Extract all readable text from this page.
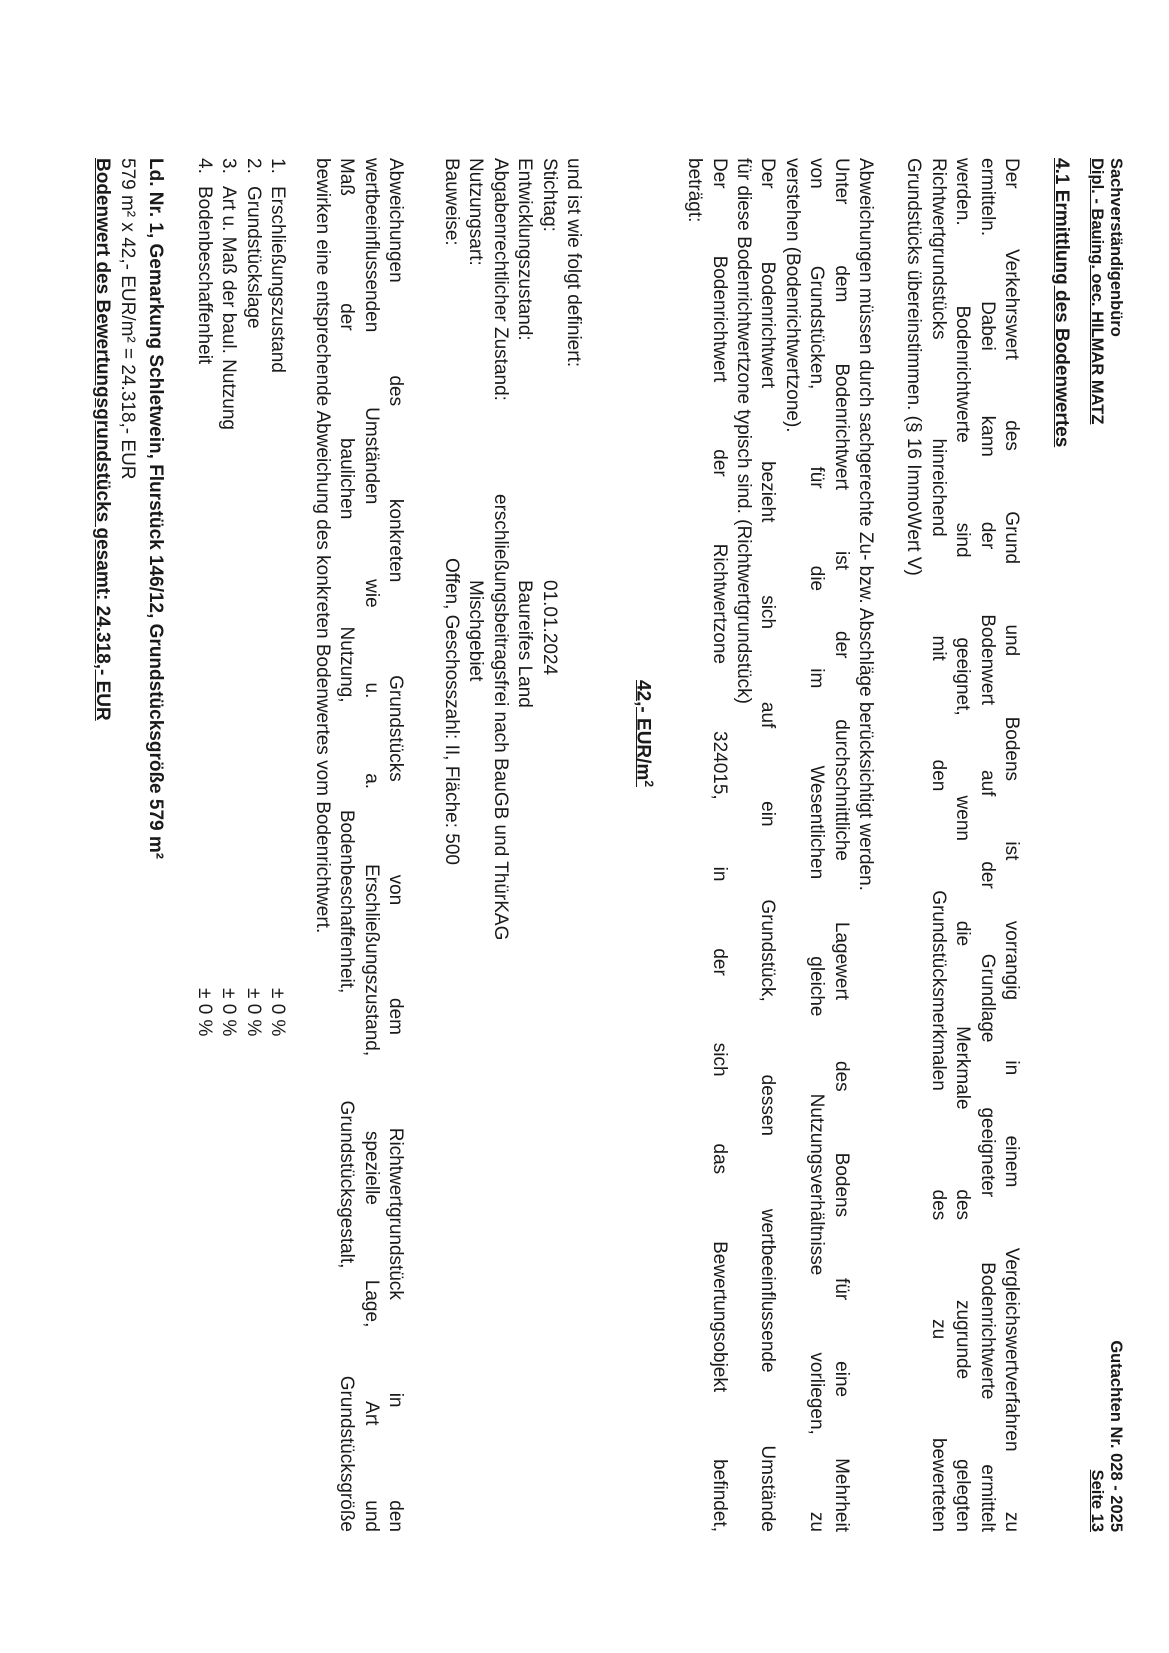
Sachverständigenbüro
Dipl. - Bauing. oec. HILMAR MATZ
Gutachten Nr. 028 - 2025
Seite 13
4.1 Ermittlung des Bodenwertes
Der Verkehrswert des Grund und Bodens ist vorrangig in einem Vergleichswertverfahren zu
ermitteln. Dabei kann der Bodenwert auf der Grundlage geeigneter Bodenrichtwerte ermittelt
werden. Bodenrichtwerte sind geeignet, wenn die Merkmale des zugrunde gelegten
Richtwertgrundstücks hinreichend mit den Grundstücksmerkmalen des zu bewerteten
Grundstücks übereinstimmen. (§ 16 ImmoWert V)
Abweichungen müssen durch sachgerechte Zu- bzw. Abschläge berücksichtigt werden.
Unter dem Bodenrichtwert ist der durchschnittliche Lagewert des Bodens für eine Mehrheit
von Grundstücken, für die im Wesentlichen gleiche Nutzungsverhältnisse vorliegen, zu
verstehen (Bodenrichtwertzone).
Der Bodenrichtwert bezieht sich auf ein Grundstück, dessen wertbeeinflussende Umstände
für diese Bodenrichtwertzone typisch sind. (Richtwertgrundstück)
Der Bodenrichtwert der Richtwertzone 324015, in der sich das Bewertungsobjekt befindet,
beträgt:
42,- EUR/$m^2$
und ist wie folgt definiert:
Stichtag:
01.01.2024
Entwicklungszustand:
Baureifes Land
Abgabenrechtlicher Zustand:
erschließungsbeitragsfrei nach BauGB und ThürKAG
Nutzungsart:
Mischgebiet
Bauweise:
Offen, Geschosszahl: II, Fläche: 500
Abweichungen des konkreten Grundstücks von dem Richtwertgrundstück in den
wertbeeinflussenden Umständen wie u. a. Erschließungszustand, spezielle Lage, Art und
Maß der baulichen Nutzung, Bodenbeschaffenheit, Grundstücksgestalt, Grundstücksgröße
bewirken eine entsprechende Abweichung des konkreten Bodenwertes vom Bodenrichtwert.
1.
Erschließungszustand
± 0 %
2.
Grundstückslage
± 0 %
3.
Art u. Maß der baul. Nutzung
± 0 %
4.
Bodenbeschaffenheit
± 0 %
Ld. Nr. 1, Gemarkung Schletwein, Flurstück 146/12, Grundstücksgröße 579 m²
579 m² x 42,- EUR/m² = 24.318,- EUR
Bodenwert des Bewertungsgrundstücks gesamt: 24.318,- EUR
